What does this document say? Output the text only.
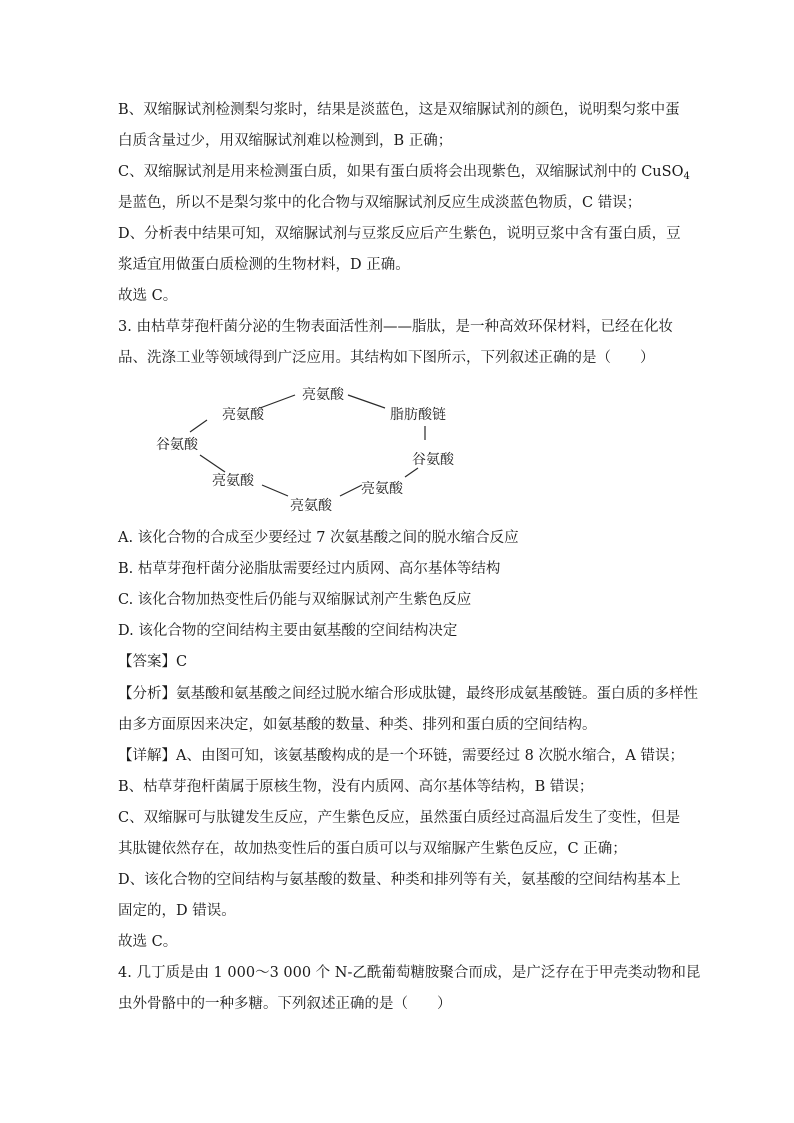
B、双缩脲试剂检测梨匀浆时，结果是淡蓝色，这是双缩脲试剂的颜色，说明梨匀浆中蛋
白质含量过少，用双缩脲试剂难以检测到，B 正确；
C、双缩脲试剂是用来检测蛋白质，如果有蛋白质将会出现紫色，双缩脲试剂中的 CuSO$_4$
是蓝色，所以不是梨匀浆中的化合物与双缩脲试剂反应生成淡蓝色物质，C 错误；
D、分析表中结果可知，双缩脲试剂与豆浆反应后产生紫色，说明豆浆中含有蛋白质，豆
浆适宜用做蛋白质检测的生物材料，D 正确。
故选 C。
3. 由枯草芽孢杆菌分泌的生物表面活性剂——脂肽，是一种高效环保材料，已经在化妆
品、洗涤工业等领域得到广泛应用。其结构如下图所示，下列叙述正确的是（　　）
亮氨酸
亮氨酸	脂肪酸链
谷氨酸
谷氨酸
亮氨酸	亮氨酸
亮氨酸
A. 该化合物的合成至少要经过 7 次氨基酸之间的脱水缩合反应
B. 枯草芽孢杆菌分泌脂肽需要经过内质网、高尔基体等结构
C. 该化合物加热变性后仍能与双缩脲试剂产生紫色反应
D. 该化合物的空间结构主要由氨基酸的空间结构决定
【答案】C
【分析】氨基酸和氨基酸之间经过脱水缩合形成肽键，最终形成氨基酸链。蛋白质的多样性
由多方面原因来决定，如氨基酸的数量、种类、排列和蛋白质的空间结构。
【详解】A、由图可知，该氨基酸构成的是一个环链，需要经过 8 次脱水缩合，A 错误；
B、枯草芽孢杆菌属于原核生物，没有内质网、高尔基体等结构，B 错误；
C、双缩脲可与肽键发生反应，产生紫色反应，虽然蛋白质经过高温后发生了变性，但是
其肽键依然存在，故加热变性后的蛋白质可以与双缩脲产生紫色反应，C 正确；
D、该化合物的空间结构与氨基酸的数量、种类和排列等有关，氨基酸的空间结构基本上
固定的，D 错误。
故选 C。
4. 几丁质是由 1 000～3 000 个 N-乙酰葡萄糖胺聚合而成，是广泛存在于甲壳类动物和昆
虫外骨骼中的一种多糖。下列叙述正确的是（　　）
